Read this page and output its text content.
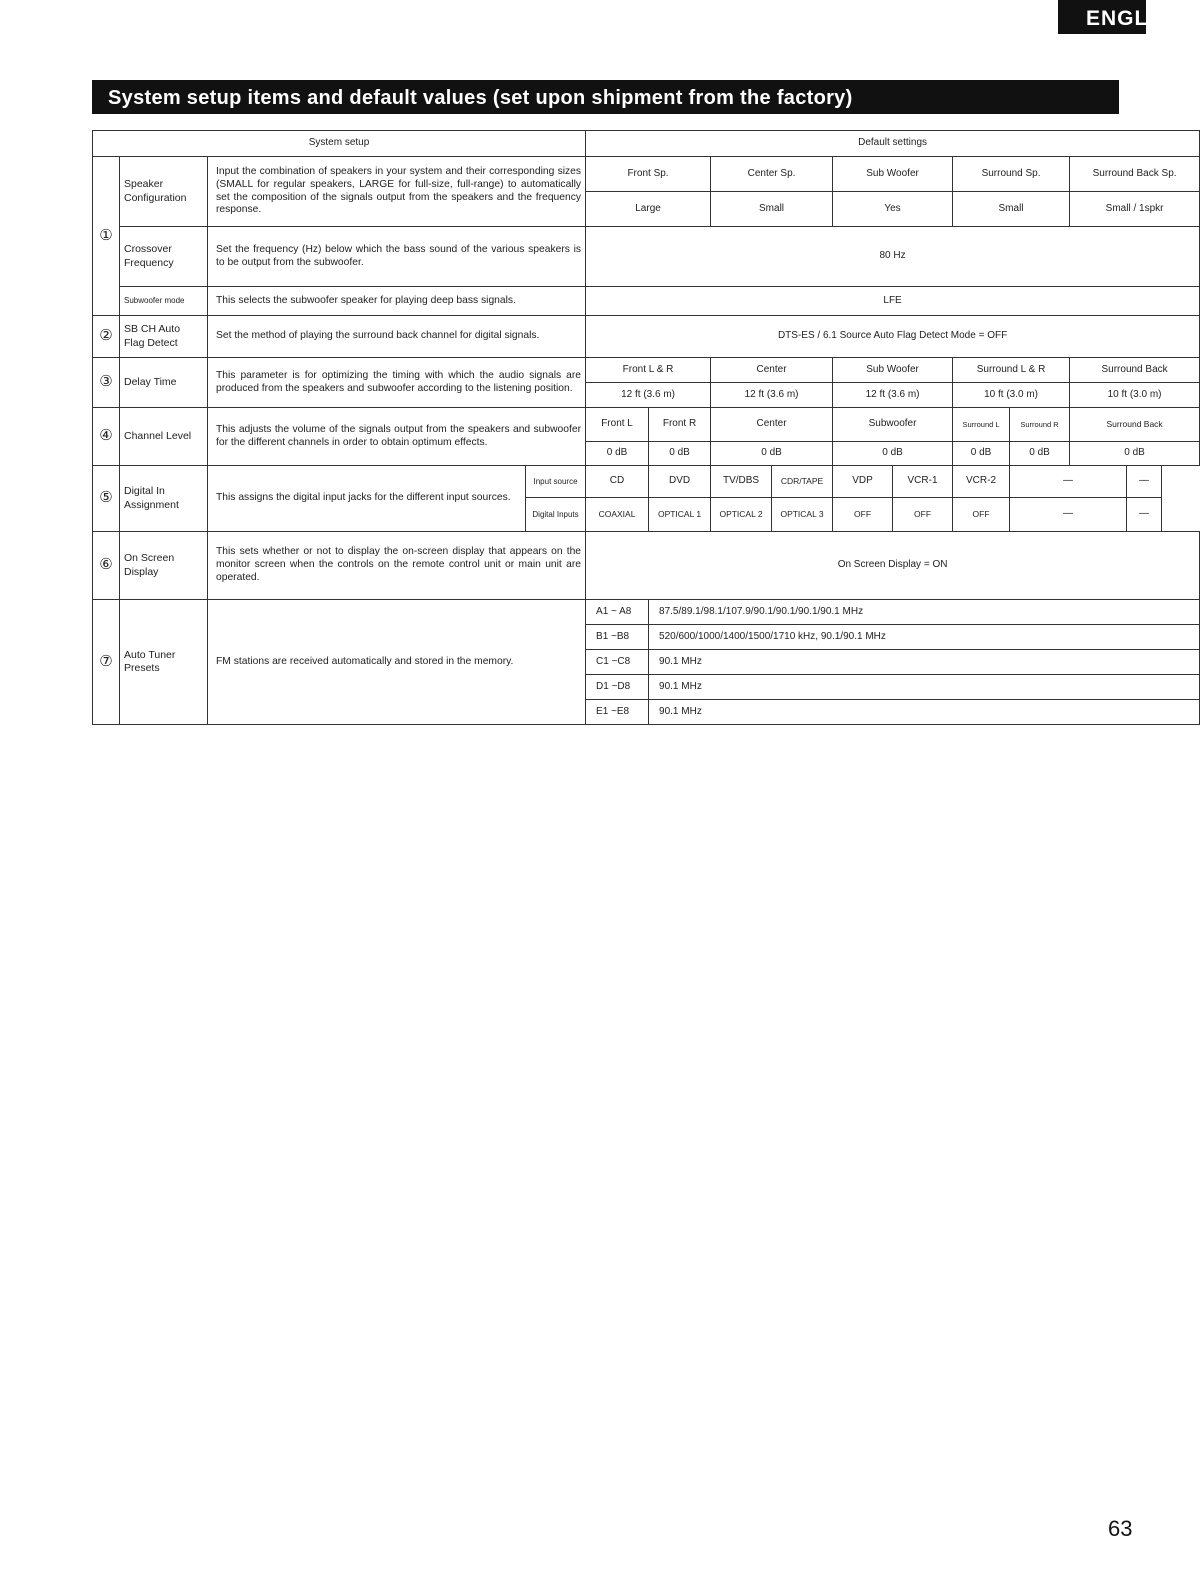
ENGL
System setup items and default values (set upon shipment from the factory)
System setup				Default settings									
①	Speaker Configuration	Input the combination of speakers in your system and their corresponding sizes (SMALL for regular speakers, LARGE for full-size, full-range) to automatically set the composition of the signals output from the speakers and the frequency response.		Front Sp.		Center Sp.		Sub Woofer		Surround Sp.		Surround Back Sp.	
				Large		Small		Yes		Small		Small / 1spkr	
	Crossover Frequency	Set the frequency (Hz) below which the bass sound of the various speakers is to be output from the subwoofer.		80 Hz									
	Subwoofer mode	This selects the subwoofer speaker for playing deep bass signals.		LFE									
②	SB CH Auto Flag Detect	Set the method of playing the surround back channel for digital signals.		DTS-ES / 6.1 Source Auto Flag Detect Mode = OFF									
③	Delay Time	This parameter is for optimizing the timing with which the audio signals are produced from the speakers and subwoofer according to the listening position.		Front L & R		Center		Sub Woofer		Surround L & R		Surround Back	
				12 ft (3.6 m)		12 ft (3.6 m)		12 ft (3.6 m)		10 ft (3.0 m)		10 ft (3.0 m)	
④	Channel Level	This adjusts the volume of the signals output from the speakers and subwoofer for the different channels in order to obtain optimum effects.		Front L	Front R	Center		Subwoofer		Surround L	Surround R	Surround Back	
				0 dB	0 dB	0 dB		0 dB		0 dB	0 dB	0 dB	
⑤	Digital In Assignment	This assigns the digital input jacks for the different input sources.	Input source	CD	DVD	TV/DBS	CDR/TAPE	VDP	VCR-1	VCR-2	—		—
			Digital Inputs	COAXIAL	OPTICAL 1	OPTICAL 2	OPTICAL 3	OFF	OFF	OFF	—		—
⑥	On Screen Display	This sets whether or not to display the on-screen display that appears on the monitor screen when the controls on the remote control unit or main unit are operated.		On Screen Display = ON									
⑦	Auto Tuner Presets	FM stations are received automatically and stored in the memory.		A1 ~ A8	87.5/89.1/98.1/107.9/90.1/90.1/90.1/90.1 MHz								
				B1 ~B8	520/600/1000/1400/1500/1710 kHz, 90.1/90.1 MHz								
				C1 ~C8	90.1 MHz								
				D1 ~D8	90.1 MHz								
				E1 ~E8	90.1 MHz								
63
